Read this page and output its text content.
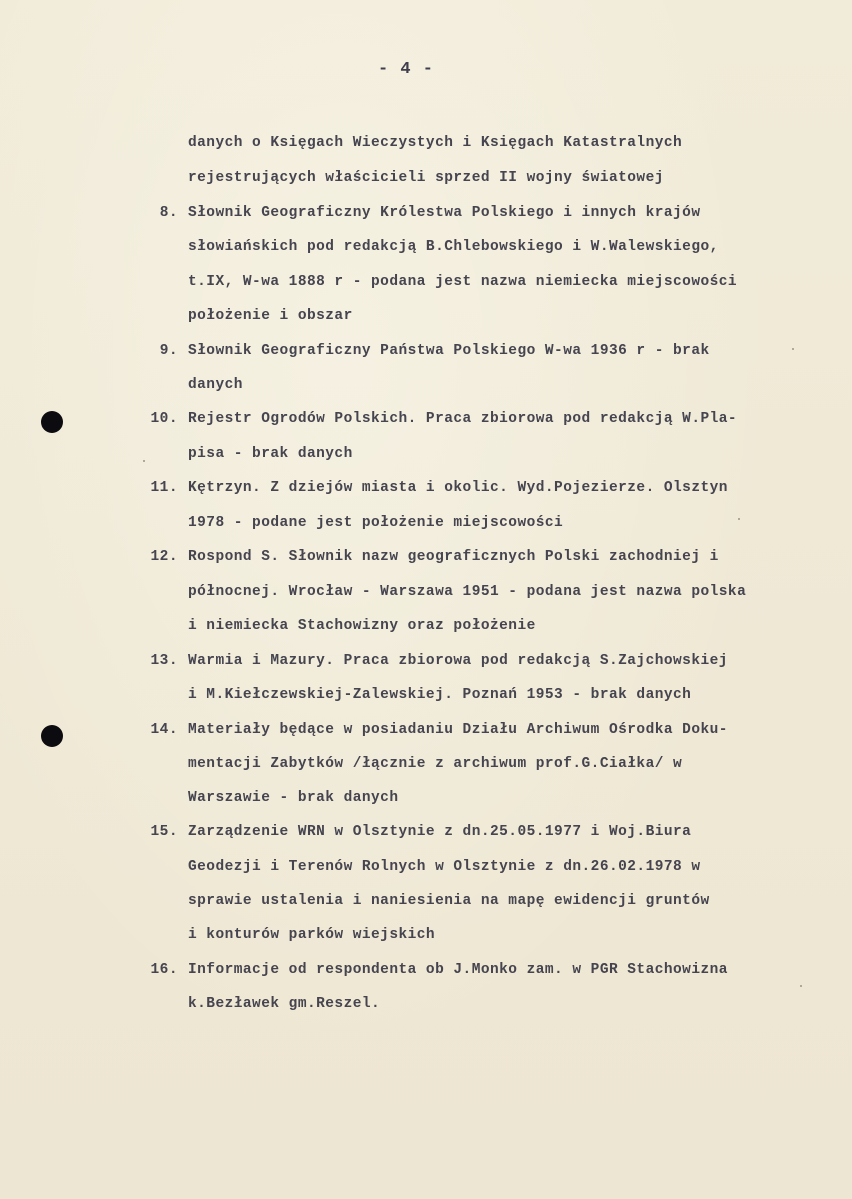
- 4 -
danych o Księgach Wieczystych i Księgach Katastralnych
rejestrujących właścicieli sprzed II wojny światowej
8. Słownik Geograficzny Królestwa Polskiego i innych krajów
słowiańskich pod redakcją B.Chlebowskiego i W.Walewskiego,
t.IX, W-wa 1888 r - podana jest nazwa niemiecka miejscowości
położenie i obszar
9. Słownik Geograficzny Państwa Polskiego W-wa 1936 r - brak
danych
10. Rejestr Ogrodów Polskich. Praca zbiorowa pod redakcją W.Pla-
pisa - brak danych
11. Kętrzyn. Z dziejów miasta i okolic. Wyd.Pojezierze. Olsztyn
1978 - podane jest położenie miejscowości
12. Rospond S. Słownik nazw geograficznych Polski zachodniej i
północnej. Wrocław - Warszawa 1951 - podana jest nazwa polska
i niemiecka Stachowizny oraz położenie
13. Warmia i Mazury. Praca zbiorowa pod redakcją S.Zajchowskiej
i M.Kiełczewskiej-Zalewskiej. Poznań 1953 - brak danych
14. Materiały będące w posiadaniu Działu Archiwum Ośrodka Doku-
mentacji Zabytków /łącznie z archiwum prof.G.Ciałka/ w
Warszawie - brak danych
15. Zarządzenie WRN w Olsztynie z dn.25.05.1977 i Woj.Biura
Geodezji i Terenów Rolnych w Olsztynie z dn.26.02.1978 w
sprawie ustalenia i naniesienia na mapę ewidencji gruntów
i konturów parków wiejskich
16. Informacje od respondenta ob J.Monko zam. w PGR Stachowizna
k.Bezławek gm.Reszel.
